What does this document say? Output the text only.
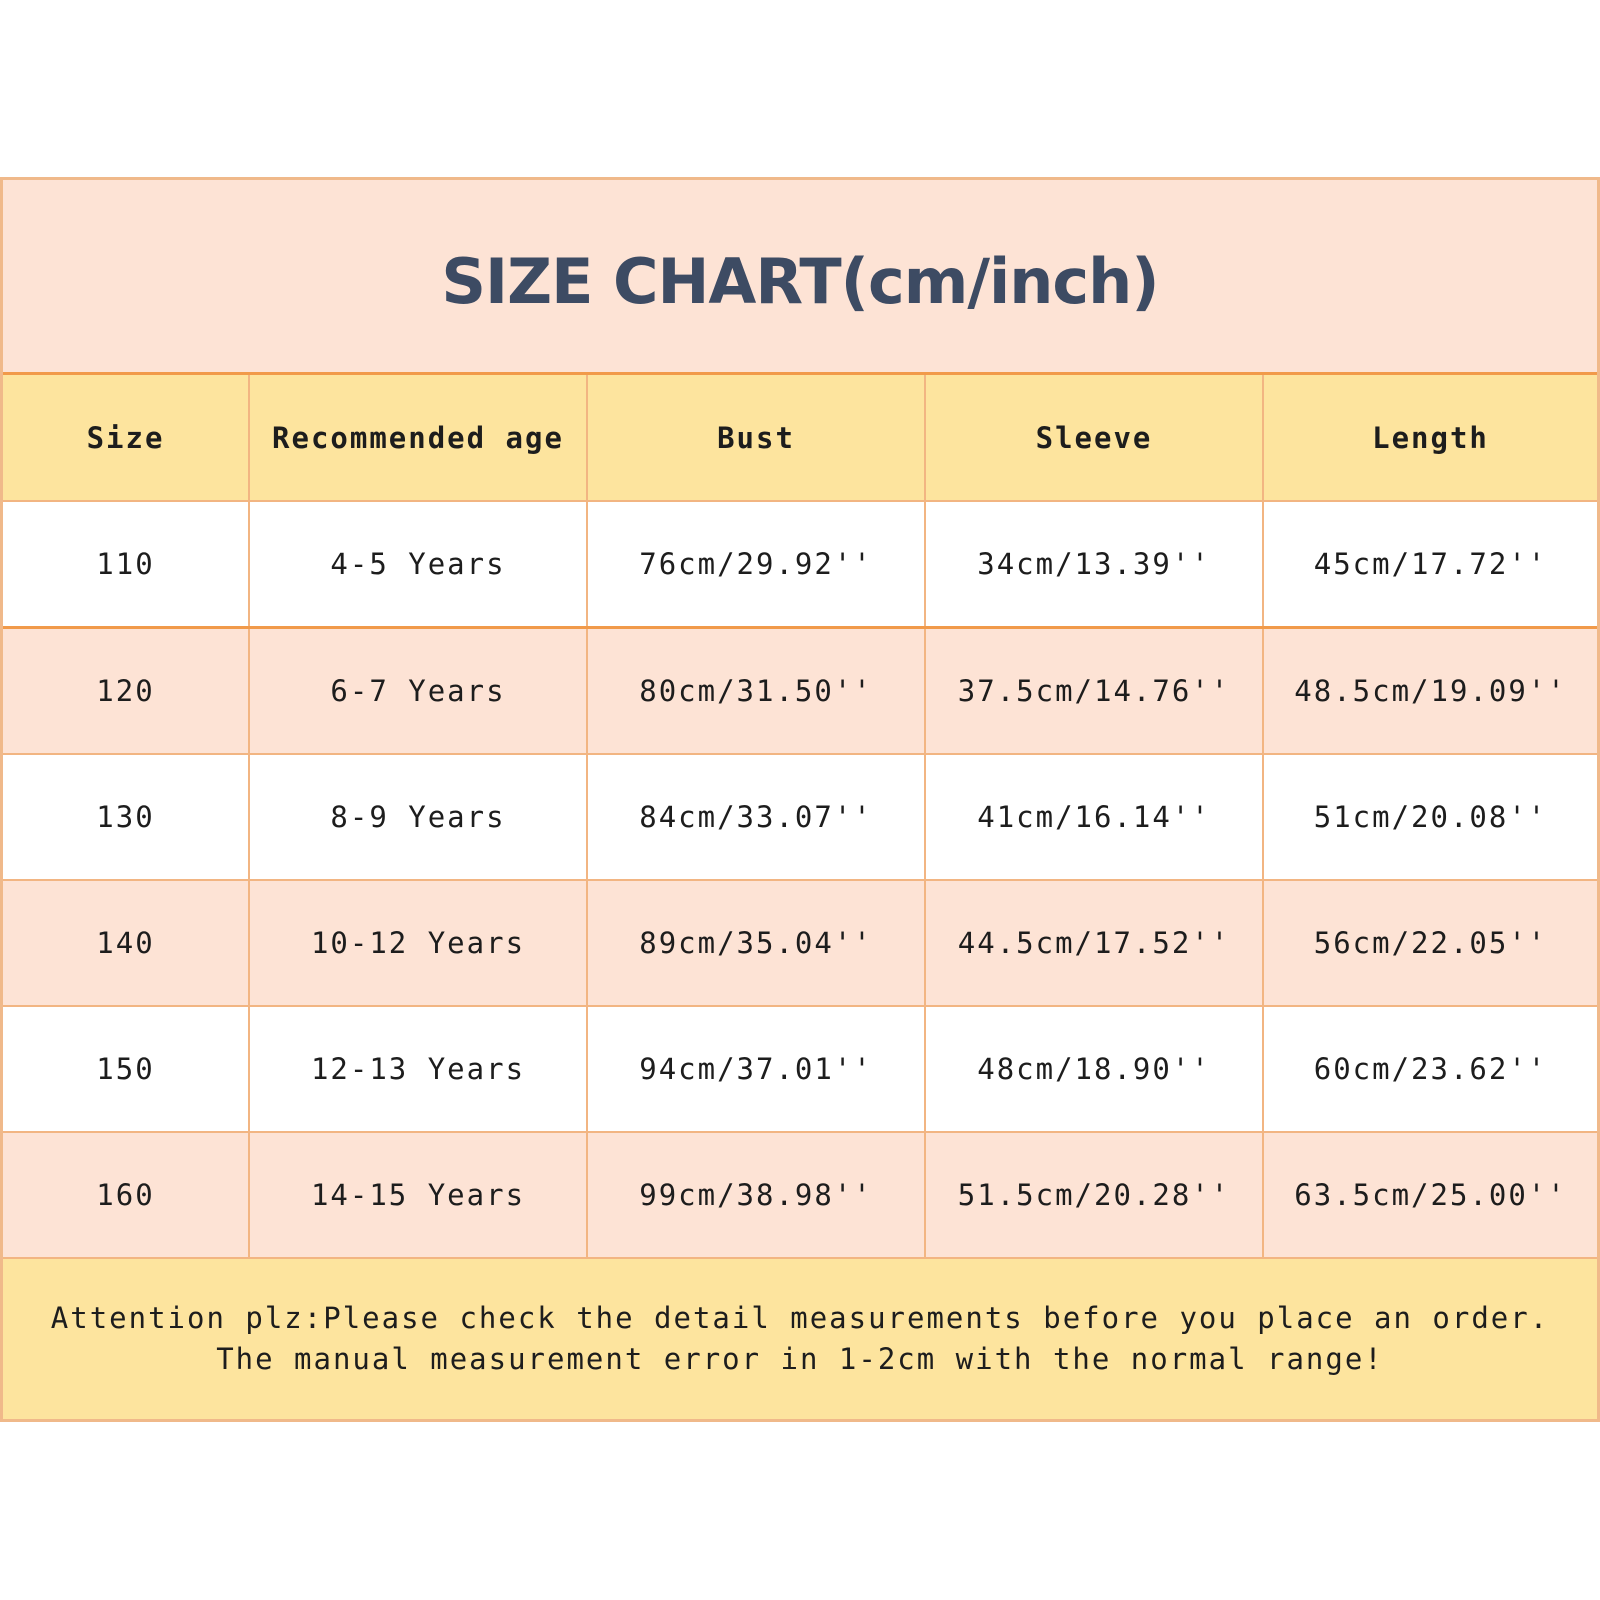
SIZE CHART(cm/inch)
Size	Recommended age	Bust	Sleeve	Length
110	4-5 Years	76cm/29.92''	34cm/13.39''	45cm/17.72''
120	6-7 Years	80cm/31.50''	37.5cm/14.76''	48.5cm/19.09''
130	8-9 Years	84cm/33.07''	41cm/16.14''	51cm/20.08''
140	10-12 Years	89cm/35.04''	44.5cm/17.52''	56cm/22.05''
150	12-13 Years	94cm/37.01''	48cm/18.90''	60cm/23.62''
160	14-15 Years	99cm/38.98''	51.5cm/20.28''	63.5cm/25.00''
Attention plz:Please check the detail measurements before you place an order.
The manual measurement error in 1-2cm with the normal range!
